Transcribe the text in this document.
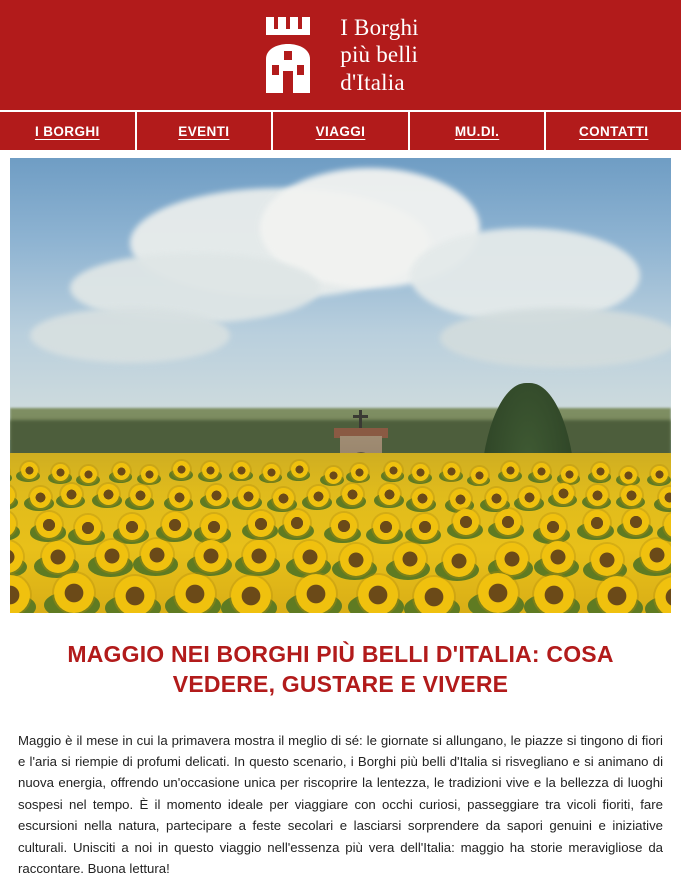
I Borghi
più belli
d'Italia
I BORGHI	EVENTI	VIAGGI	MU.DI.	CONTATTI
MAGGIO NEI BORGHI PIÙ BELLI D'ITALIA: COSA VEDERE, GUSTARE E VIVERE

Maggio è il mese in cui la primavera mostra il meglio di sé: le giornate si allungano, le piazze si tingono di fiori e l'aria si riempie di profumi delicati. In questo scenario, i Borghi più belli d'Italia si risvegliano e si animano di nuova energia, offrendo un'occasione unica per riscoprire la lentezza, le tradizioni vive e la bellezza di luoghi sospesi nel tempo. È il momento ideale per viaggiare con occhi curiosi, passeggiare tra vicoli fioriti, fare escursioni nella natura, partecipare a feste secolari e lasciarsi sorprendere da sapori genuini e iniziative culturali. Unisciti a noi in questo viaggio nell'essenza più vera dell'Italia: maggio ha storie meravigliose da raccontare. Buona lettura!
